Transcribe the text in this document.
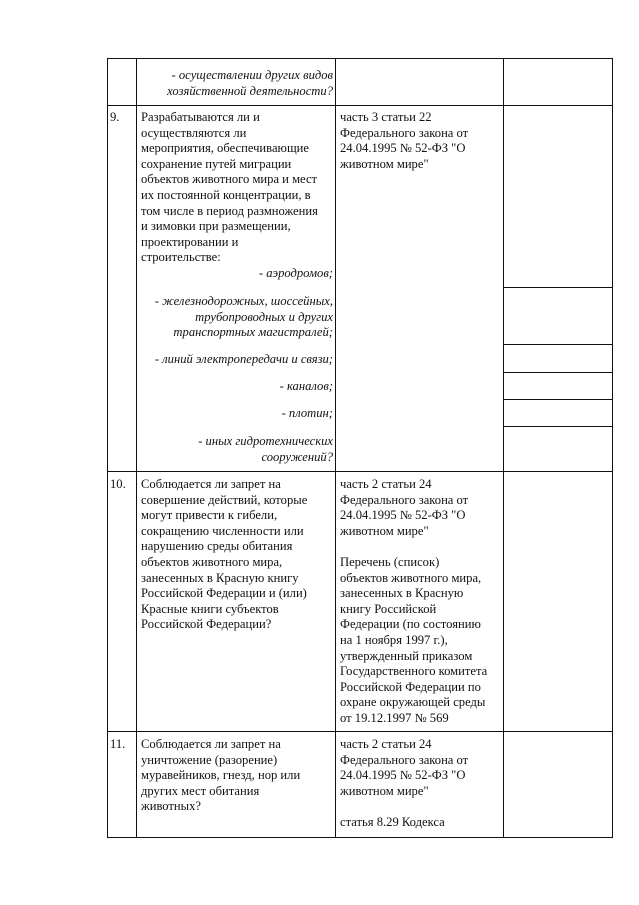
- осуществлении других видов
хозяйственной деятельности?
9. Разрабатываются ли и
осуществляются ли
мероприятия, обеспечивающие
сохранение путей миграции
объектов животного мира и мест
их постоянной концентрации, в
том числе в период размножения
и зимовки при размещении,
проектировании и
строительстве:
- аэродромов;
- железнодорожных, шоссейных,
трубопроводных и других
транспортных магистралей;
- линий электропередачи и связи;
- каналов;
- плотин;
- иных гидротехнических
сооружений?
часть 3 статьи 22
Федерального закона от
24.04.1995 № 52-ФЗ "О
животном мире"
10. Соблюдается ли запрет на
совершение действий, которые
могут привести к гибели,
сокращению численности или
нарушению среды обитания
объектов животного мира,
занесенных в Красную книгу
Российской Федерации и (или)
Красные книги субъектов
Российской Федерации?
часть 2 статьи 24
Федерального закона от
24.04.1995 № 52-ФЗ "О
животном мире"
Перечень (список)
объектов животного мира,
занесенных в Красную
книгу Российской
Федерации (по состоянию
на 1 ноября 1997 г.),
утвержденный приказом
Государственного комитета
Российской Федерации по
охране окружающей среды
от 19.12.1997 № 569
11. Соблюдается ли запрет на
уничтожение (разорение)
муравейников, гнезд, нор или
других мест обитания
животных?
часть 2 статьи 24
Федерального закона от
24.04.1995 № 52-ФЗ "О
животном мире"
статья 8.29 Кодекса
